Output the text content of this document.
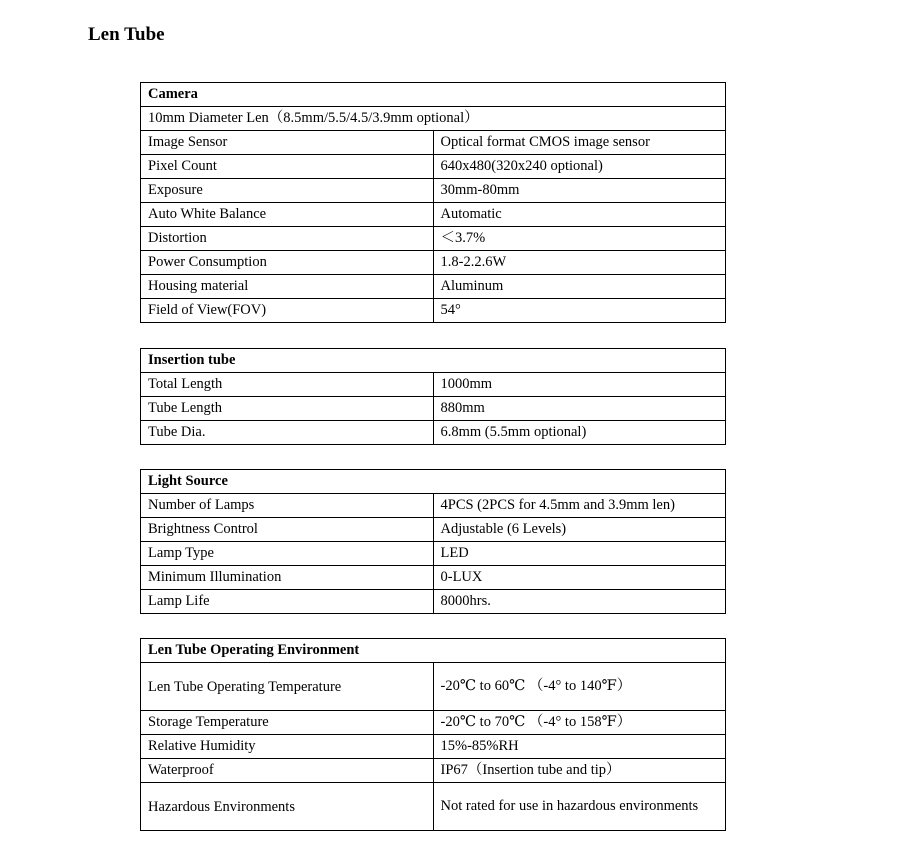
Len Tube
Camera	
10mm Diameter Len（8.5mm/5.5/4.5/3.9mm optional）	
Image Sensor	Optical format CMOS image sensor
Pixel Count	640x480(320x240 optional)
Exposure	30mm-80mm
Auto White Balance	Automatic
Distortion	＜3.7%
Power Consumption	1.8-2.2.6W
Housing material	Aluminum
Field of View(FOV)	54°
Insertion tube	
Total Length	1000mm
Tube Length	880mm
Tube Dia.	6.8mm (5.5mm optional)
Light Source	
Number of Lamps	4PCS (2PCS for 4.5mm and 3.9mm len)
Brightness Control	Adjustable (6 Levels)
Lamp Type	LED
Minimum Illumination	0-LUX
Lamp Life	8000hrs.
Len Tube Operating Environment	
Len Tube Operating Temperature	-20℃ to 60℃ （-4° to 140℉）
Storage Temperature	-20℃ to 70℃ （-4° to 158℉）
Relative Humidity	15%-85%RH
Waterproof	IP67（Insertion tube and tip）
Hazardous Environments	Not rated for use in hazardous environments
